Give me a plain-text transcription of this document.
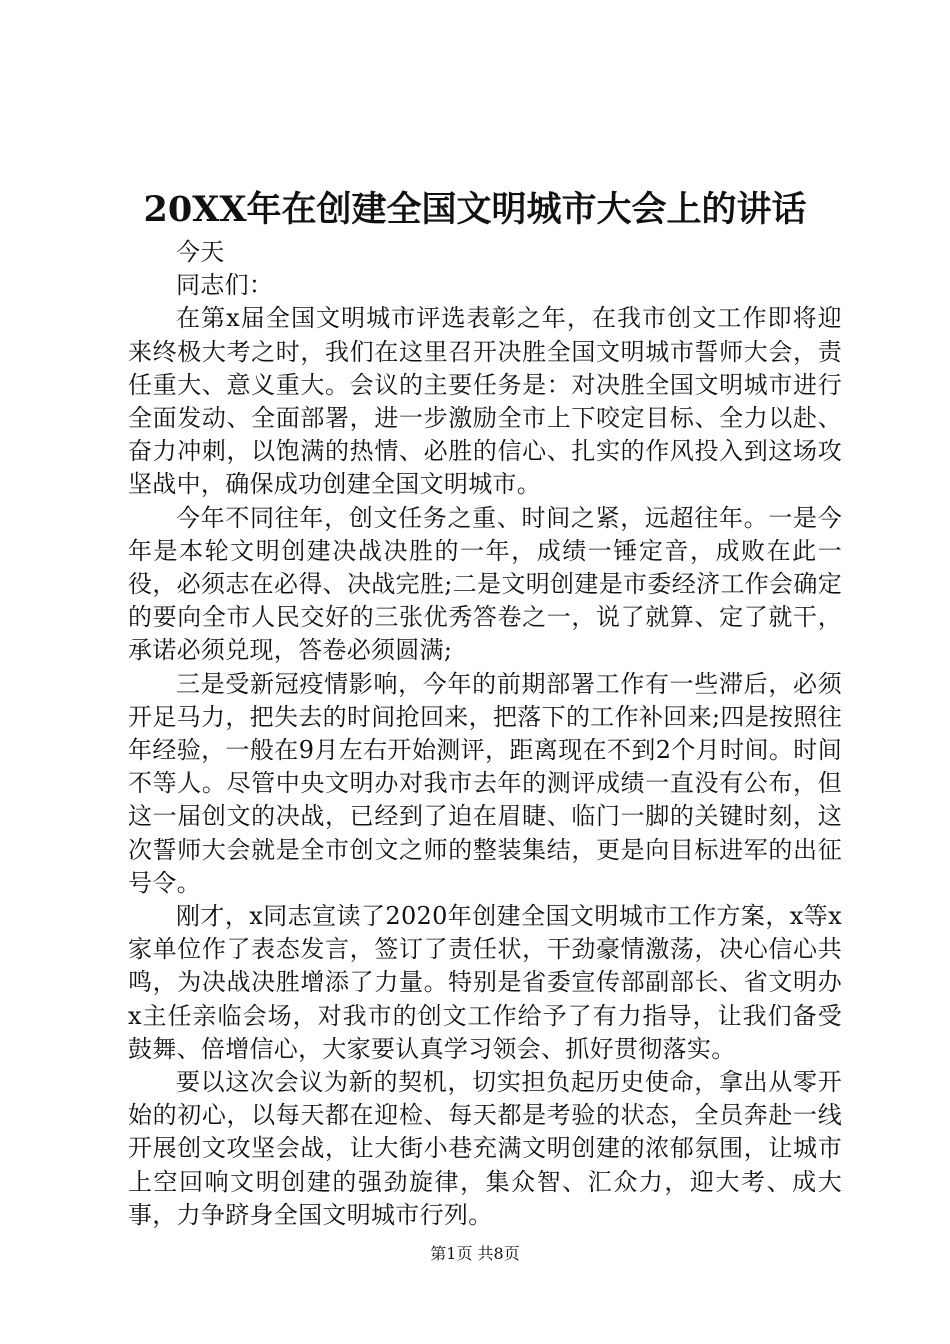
20XX年在创建全国文明城市大会上的讲话

今天

同志们：

在第x届全国文明城市评选表彰之年，在我市创文工作即将迎来终极大考之时，我们在这里召开决胜全国文明城市誓师大会，责任重大、意义重大。会议的主要任务是：对决胜全国文明城市进行全面发动、全面部署，进一步激励全市上下咬定目标、全力以赴、奋力冲刺，以饱满的热情、必胜的信心、扎实的作风投入到这场攻坚战中，确保成功创建全国文明城市。

今年不同往年，创文任务之重、时间之紧，远超往年。一是今年是本轮文明创建决战决胜的一年，成绩一锤定音，成败在此一役，必须志在必得、决战完胜;二是文明创建是市委经济工作会确定的要向全市人民交好的三张优秀答卷之一，说了就算、定了就干，承诺必须兑现，答卷必须圆满;

三是受新冠疫情影响，今年的前期部署工作有一些滞后，必须开足马力，把失去的时间抢回来，把落下的工作补回来;四是按照往年经验，一般在9月左右开始测评，距离现在不到2个月时间。时间不等人。尽管中央文明办对我市去年的测评成绩一直没有公布，但这一届创文的决战，已经到了迫在眉睫、临门一脚的关键时刻，这次誓师大会就是全市创文之师的整装集结，更是向目标进军的出征号令。

刚才，x同志宣读了2020年创建全国文明城市工作方案，x等x家单位作了表态发言，签订了责任状，干劲豪情激荡，决心信心共鸣，为决战决胜增添了力量。特别是省委宣传部副部长、省文明办x主任亲临会场，对我市的创文工作给予了有力指导，让我们备受鼓舞、倍增信心，大家要认真学习领会、抓好贯彻落实。

要以这次会议为新的契机，切实担负起历史使命，拿出从零开始的初心，以每天都在迎检、每天都是考验的状态，全员奔赴一线开展创文攻坚会战，让大街小巷充满文明创建的浓郁氛围，让城市上空回响文明创建的强劲旋律，集众智、汇众力，迎大考、成大事，力争跻身全国文明城市行列。

第1页 共8页
